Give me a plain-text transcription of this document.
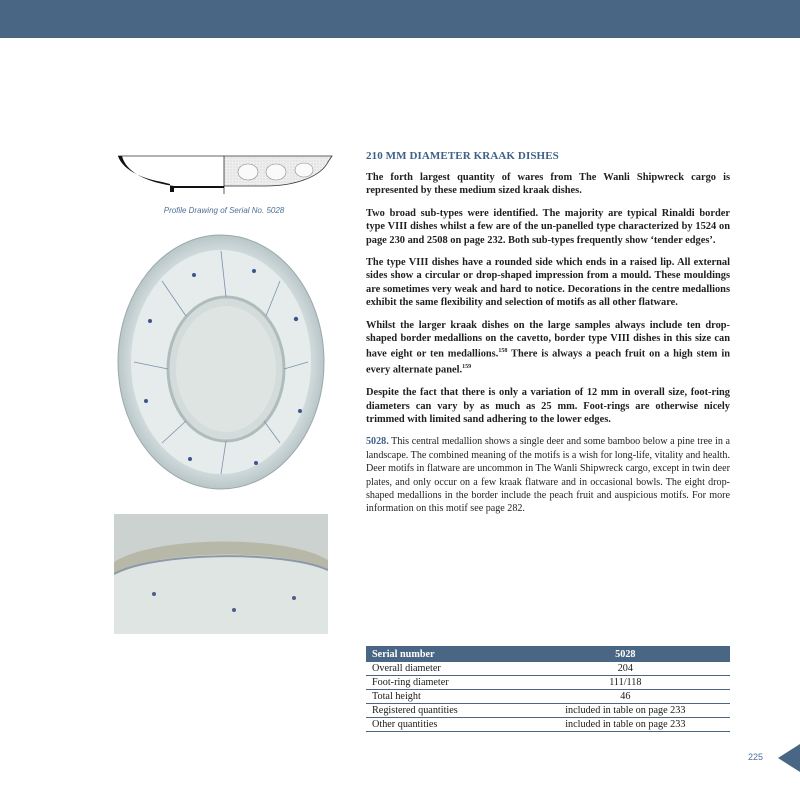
Profile Drawing of Serial No. 5028
210 MM DIAMETER KRAAK DISHES

The forth largest quantity of wares from The Wanli Shipwreck cargo is represented by these medium sized kraak dishes.

Two broad sub-types were identified. The majority are typical Rinaldi border type VIII dishes whilst a few are of the un-panelled type characterized by 1524 on page 230 and 2508 on page 232. Both sub-types frequently show ‘tender edges’.

The type VIII dishes have a rounded side which ends in a raised lip. All external sides show a circular or drop-shaped impression from a mould. These mouldings are sometimes very weak and hard to notice. Decorations in the centre medallions exhibit the same flexibility and selection of motifs as all other flatware.

Whilst the larger kraak dishes on the large samples always include ten drop-shaped border medallions on the cavetto, border type VIII dishes in this size can have eight or ten medallions.$^{158}$ There is always a peach fruit on a high stem in every alternate panel.$^{159}$

Despite the fact that there is only a variation of 12 mm in overall size, foot-ring diameters can vary by as much as 25 mm. Foot-rings are otherwise nicely trimmed with limited sand adhering to the lower edges.

5028. This central medallion shows a single deer and some bamboo below a pine tree in a landscape. The combined meaning of the motifs is a wish for long-life, vitality and health. Deer motifs in flatware are uncommon in The Wanli Shipwreck cargo, except in twin deer plates, and only occur on a few kraak flatware and in occasional bowls. The eight drop-shaped medallions in the border include the peach fruit and auspicious motifs. For more information on this motif see page 282.

Serial number	5028
Overall diameter	204
Foot-ring diameter	111/118
Total height	46
Registered quantities	included in table on page 233
Other quantities	included in table on page 233
225
